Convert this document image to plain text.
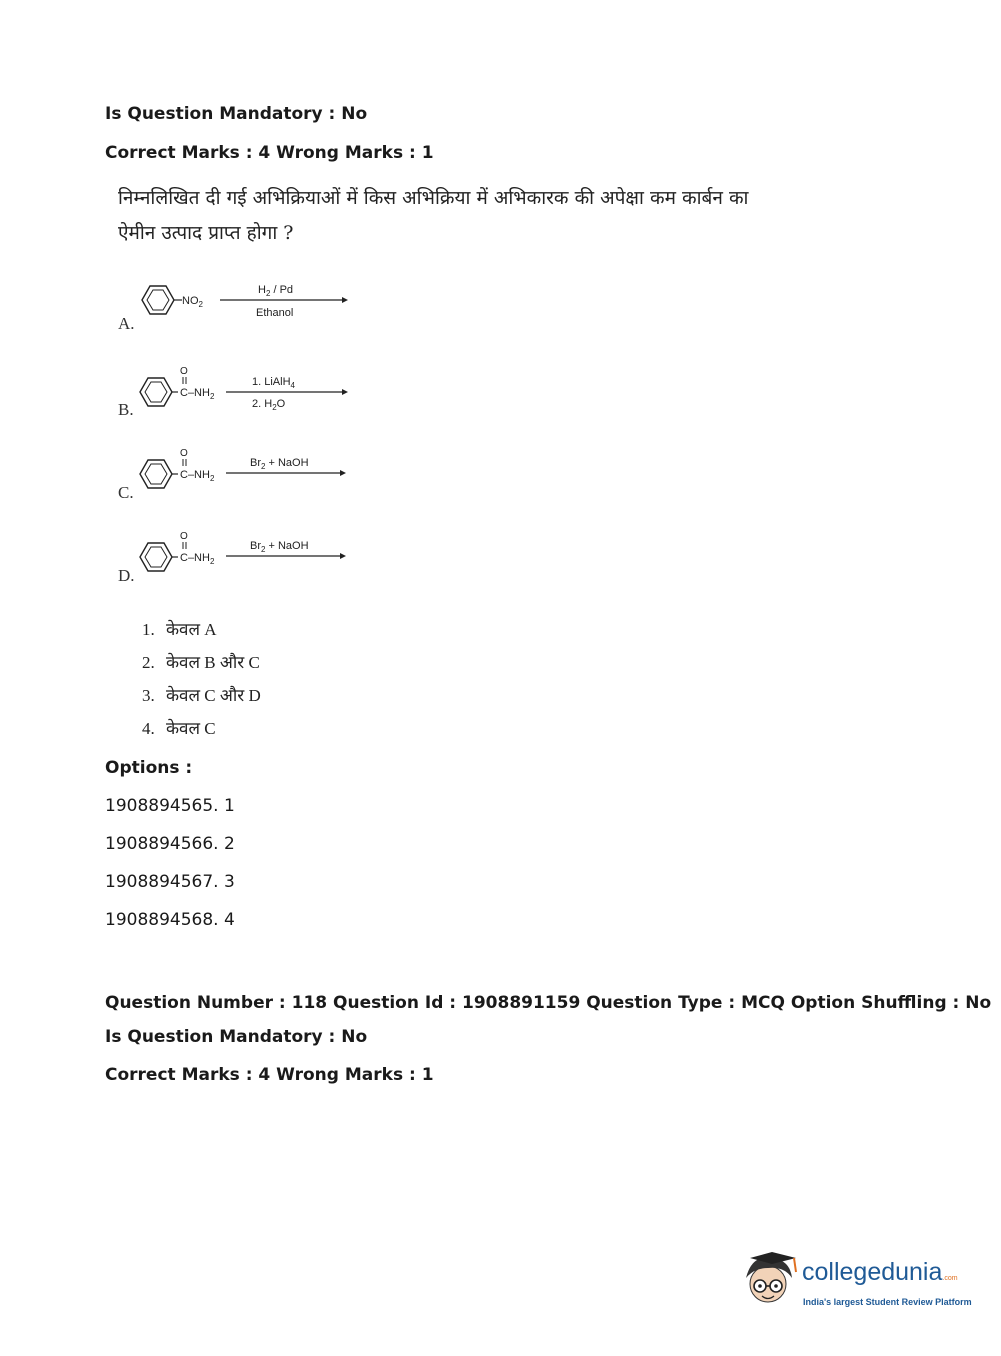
Is Question Mandatory : No
Correct Marks : 4 Wrong Marks : 1
निम्नलिखित दी गई अभिक्रियाओं में किस अभिक्रिया में अभिकारक की अपेक्षा कम कार्बन का
ऐमीन उत्पाद प्राप्त होगा ?
$NO_2$
$H_2$ / Pd
Ethanol
A.
O
$C-NH_2$
1. LiAlH$_4$
2. $H_2O$
B.
O
$C-NH_2$
$Br_2$ + NaOH
C.
O
$C-NH_2$
$Br_2$ + NaOH
D.
1. केवल A
2. केवल B और C
3. केवल C और D
4. केवल C
Options :
1908894565. 1
1908894566. 2
1908894567. 3
1908894568. 4
Question Number : 118 Question Id : 1908891159 Question Type : MCQ Option Shuffling : No
Is Question Mandatory : No
Correct Marks : 4 Wrong Marks : 1
collegedunia.com
India's largest Student Review Platform
